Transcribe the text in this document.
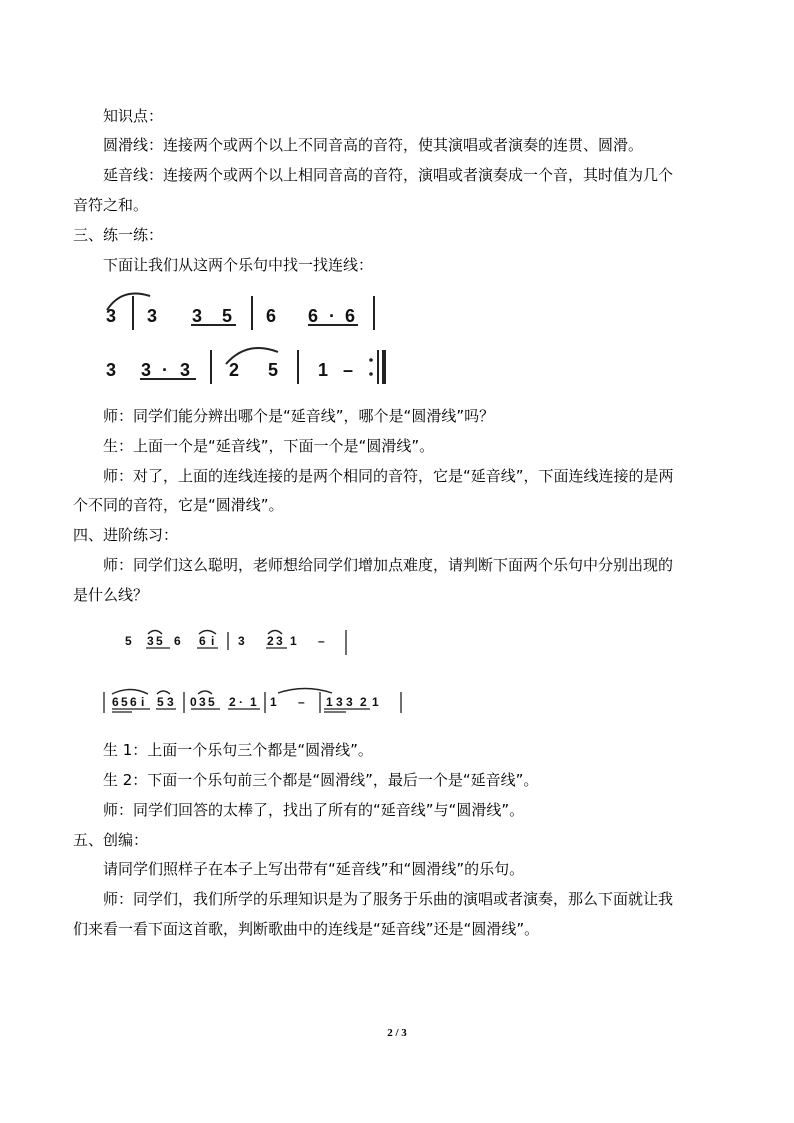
知识点：
圆滑线：连接两个或两个以上不同音高的音符，使其演唱或者演奏的连贯、圆滑。
延音线：连接两个或两个以上相同音高的音符，演唱或者演奏成一个音，其时值为几个
音符之和。
三、练一练：
下面让我们从这两个乐句中找一找连线：
3 3 3 5 6 6 · 6
3 3 · 3 2 5 1 –
师：同学们能分辨出哪个是“延音线”，哪个是“圆滑线”吗？
生：上面一个是“延音线”，下面一个是“圆滑线”。
师：对了，上面的连线连接的是两个相同的音符，它是“延音线”，下面连线连接的是两
个不同的音符，它是“圆滑线”。
四、进阶练习：
师：同学们这么聪明，老师想给同学们增加点难度，请判断下面两个乐句中分别出现的
是什么线？
5 3 5 6 6 i 3 2 3 1 –
6 5 6 i 5 3 0 3 5 2 · 1 1 – 1 3 3 2 1
生 1：上面一个乐句三个都是“圆滑线”。
生 2：下面一个乐句前三个都是“圆滑线”，最后一个是“延音线”。
师：同学们回答的太棒了，找出了所有的“延音线”与“圆滑线”。
五、创编：
请同学们照样子在本子上写出带有“延音线”和“圆滑线”的乐句。
师：同学们，我们所学的乐理知识是为了服务于乐曲的演唱或者演奏，那么下面就让我
们来看一看下面这首歌，判断歌曲中的连线是“延音线”还是“圆滑线”。
2 / 3
